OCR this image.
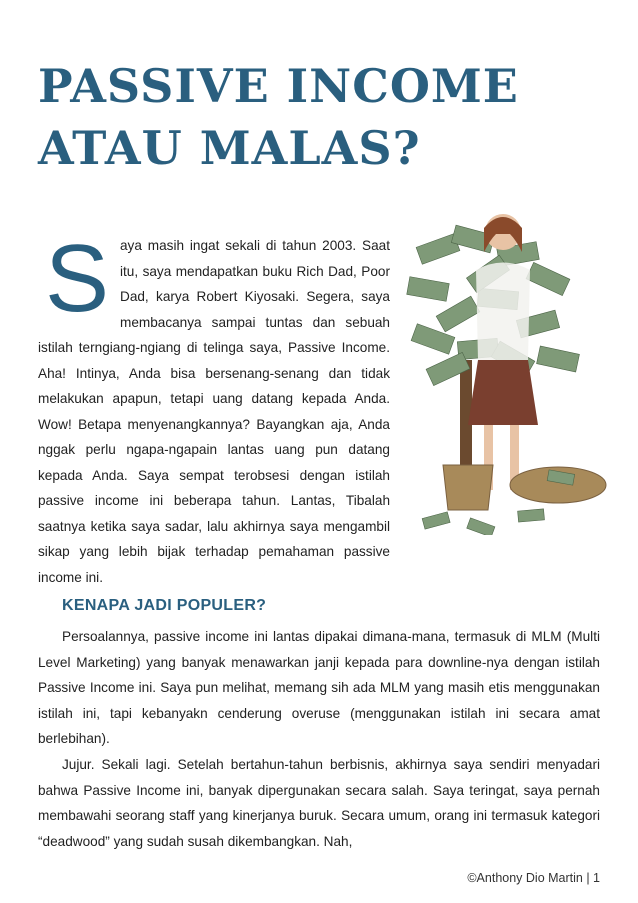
PASSIVE INCOME
ATAU MALAS?

Saya masih ingat sekali di tahun 2003. Saat itu, saya mendapatkan buku Rich Dad, Poor Dad, karya Robert Kiyosaki. Segera, saya membacanya sampai tuntas dan sebuah istilah terngiang-ngiang di telinga saya, Passive Income. Aha! Intinya, Anda bisa bersenang-senang dan tidak melakukan apapun, tetapi uang datang kepada Anda. Wow! Betapa menyenangkannya? Bayangkan aja, Anda nggak perlu ngapa-ngapain lantas uang pun datang kepada Anda. Saya sempat terobsesi dengan istilah passive income ini beberapa tahun. Lantas, Tibalah saatnya ketika saya sadar, lalu akhirnya saya mengambil sikap yang lebih bijak terhadap pemahaman passive income ini.

KENAPA JADI POPULER?

Persoalannya, passive income ini lantas dipakai dimana-mana, termasuk di MLM (Multi Level Marketing) yang banyak menawarkan janji kepada para downline-nya dengan istilah Passive Income ini. Saya pun melihat, memang sih ada MLM yang masih etis menggunakan istilah ini, tapi kebanyakn cenderung overuse (menggunakan istilah ini secara amat berlebihan).

Jujur. Sekali lagi. Setelah bertahun-tahun berbisnis, akhirnya saya sendiri menyadari bahwa Passive Income ini, banyak dipergunakan secara salah. Saya teringat, saya pernah membawahi seorang staff yang kinerjanya buruk. Secara umum, orang ini termasuk kategori “deadwood” yang sudah susah dikembangkan. Nah,

©Anthony Dio Martin | 1
